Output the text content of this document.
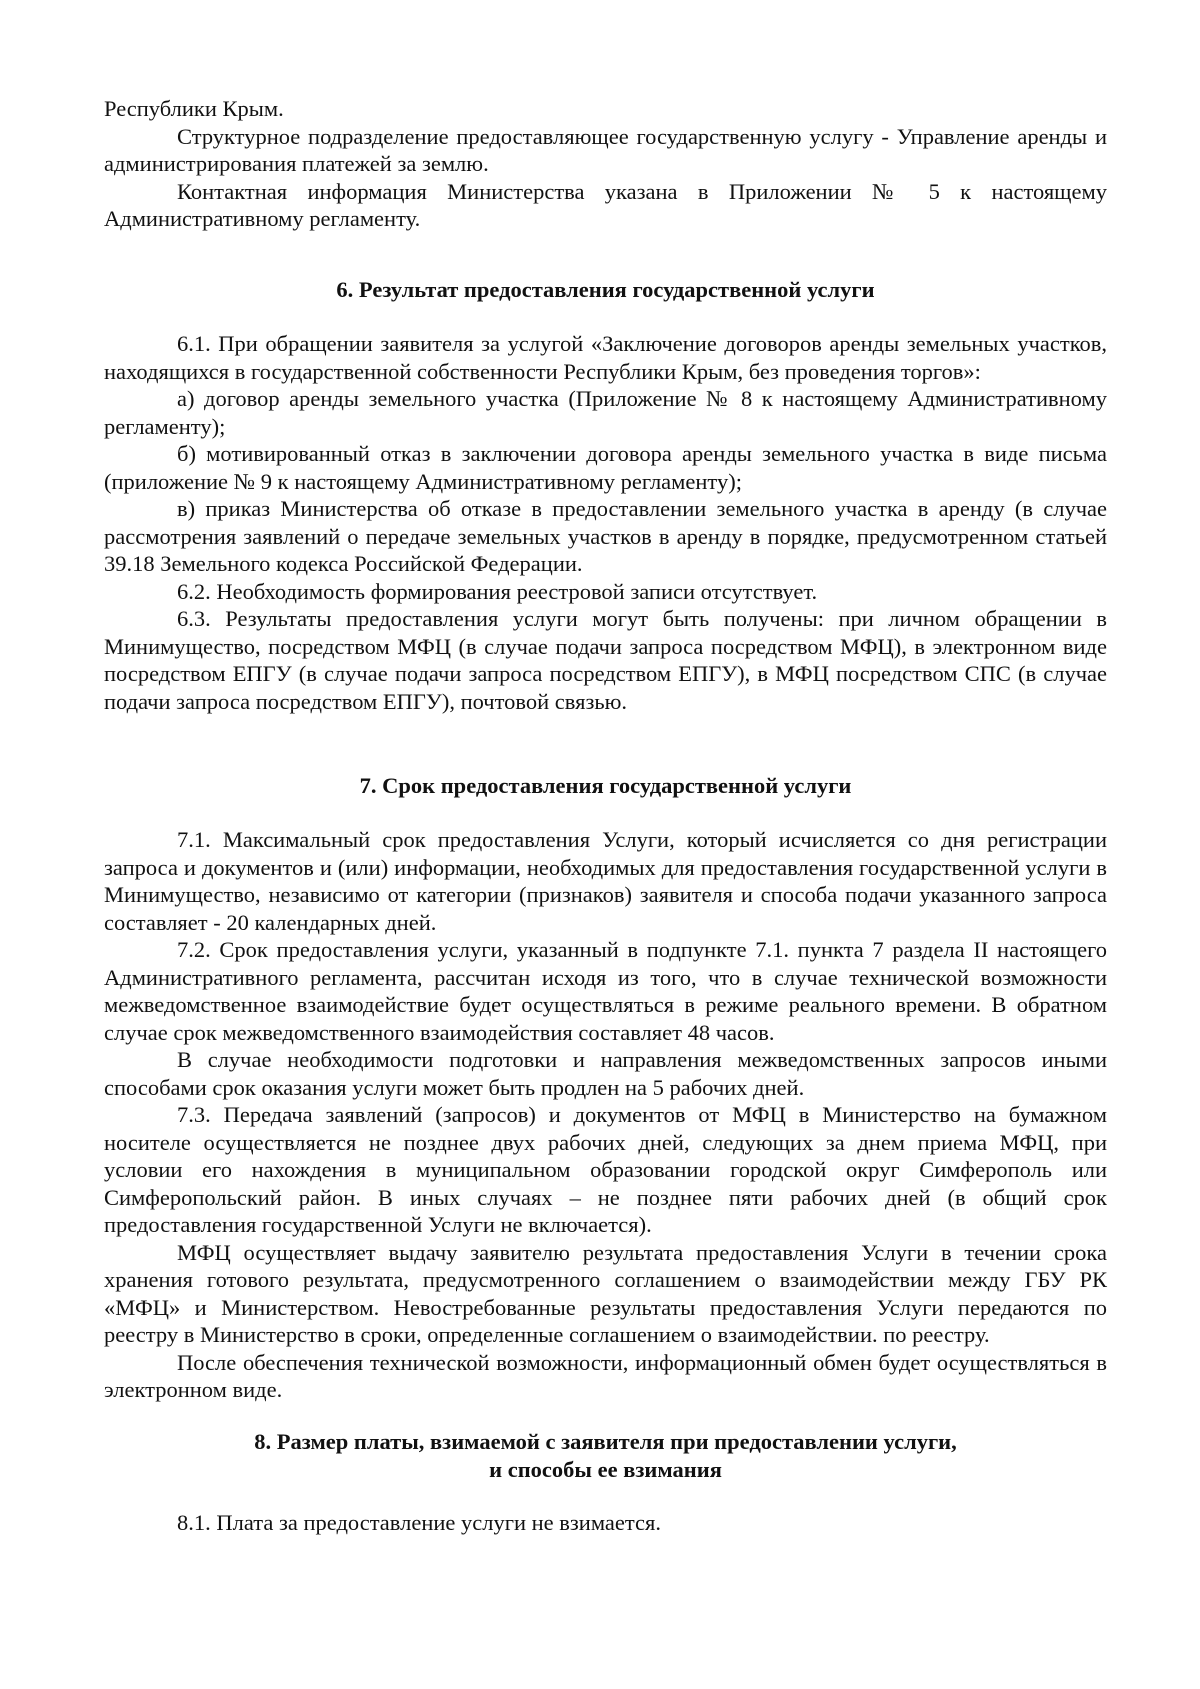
Республики Крым.

Структурное подразделение предоставляющее государственную услугу - Управление аренды и администрирования платежей за землю.

Контактная информация Министерства указана в Приложении № 5 к настоящему Административному регламенту.

6. Результат предоставления государственной услуги

6.1. При обращении заявителя за услугой «Заключение договоров аренды земельных участков, находящихся в государственной собственности Республики Крым, без проведения торгов»:

а) договор аренды земельного участка (Приложение № 8 к настоящему Административному регламенту);

б) мотивированный отказ в заключении договора аренды земельного участка в виде письма (приложение № 9 к настоящему Административному регламенту);

в) приказ Министерства об отказе в предоставлении земельного участка в аренду (в случае рассмотрения заявлений о передаче земельных участков в аренду в порядке, предусмотренном статьей 39.18 Земельного кодекса Российской Федерации.

6.2. Необходимость формирования реестровой записи отсутствует.

6.3. Результаты предоставления услуги могут быть получены: при личном обращении в Минимущество, посредством МФЦ (в случае подачи запроса посредством МФЦ), в электронном виде посредством ЕПГУ (в случае подачи запроса посредством ЕПГУ), в МФЦ посредством СПС (в случае подачи запроса посредством ЕПГУ), почтовой связью.

7. Срок предоставления государственной услуги

7.1. Максимальный срок предоставления Услуги, который исчисляется со дня регистрации запроса и документов и (или) информации, необходимых для предоставления государственной услуги в Минимущество, независимо от категории (признаков) заявителя и способа подачи указанного запроса составляет - 20 календарных дней.

7.2. Срок предоставления услуги, указанный в подпункте 7.1. пункта 7 раздела II настоящего Административного регламента, рассчитан исходя из того, что в случае технической возможности межведомственное взаимодействие будет осуществляться в режиме реального времени. В обратном случае срок межведомственного взаимодействия составляет 48 часов.

В случае необходимости подготовки и направления межведомственных запросов иными способами срок оказания услуги может быть продлен на 5 рабочих дней.

7.3. Передача заявлений (запросов) и документов от МФЦ в Министерство на бумажном носителе осуществляется не позднее двух рабочих дней, следующих за днем приема МФЦ, при условии его нахождения в муниципальном образовании городской округ Симферополь или Симферопольский район. В иных случаях – не позднее пяти рабочих дней (в общий срок предоставления государственной Услуги не включается).

МФЦ осуществляет выдачу заявителю результата предоставления Услуги в течении срока хранения готового результата, предусмотренного соглашением о взаимодействии между ГБУ РК «МФЦ» и Министерством. Невостребованные результаты предоставления Услуги передаются по реестру в Министерство в сроки, определенные соглашением о взаимодействии. по реестру.

После обеспечения технической возможности, информационный обмен будет осуществляться в электронном виде.

8. Размер платы, взимаемой с заявителя при предоставлении услуги,
и способы ее взимания

8.1. Плата за предоставление услуги не взимается.
